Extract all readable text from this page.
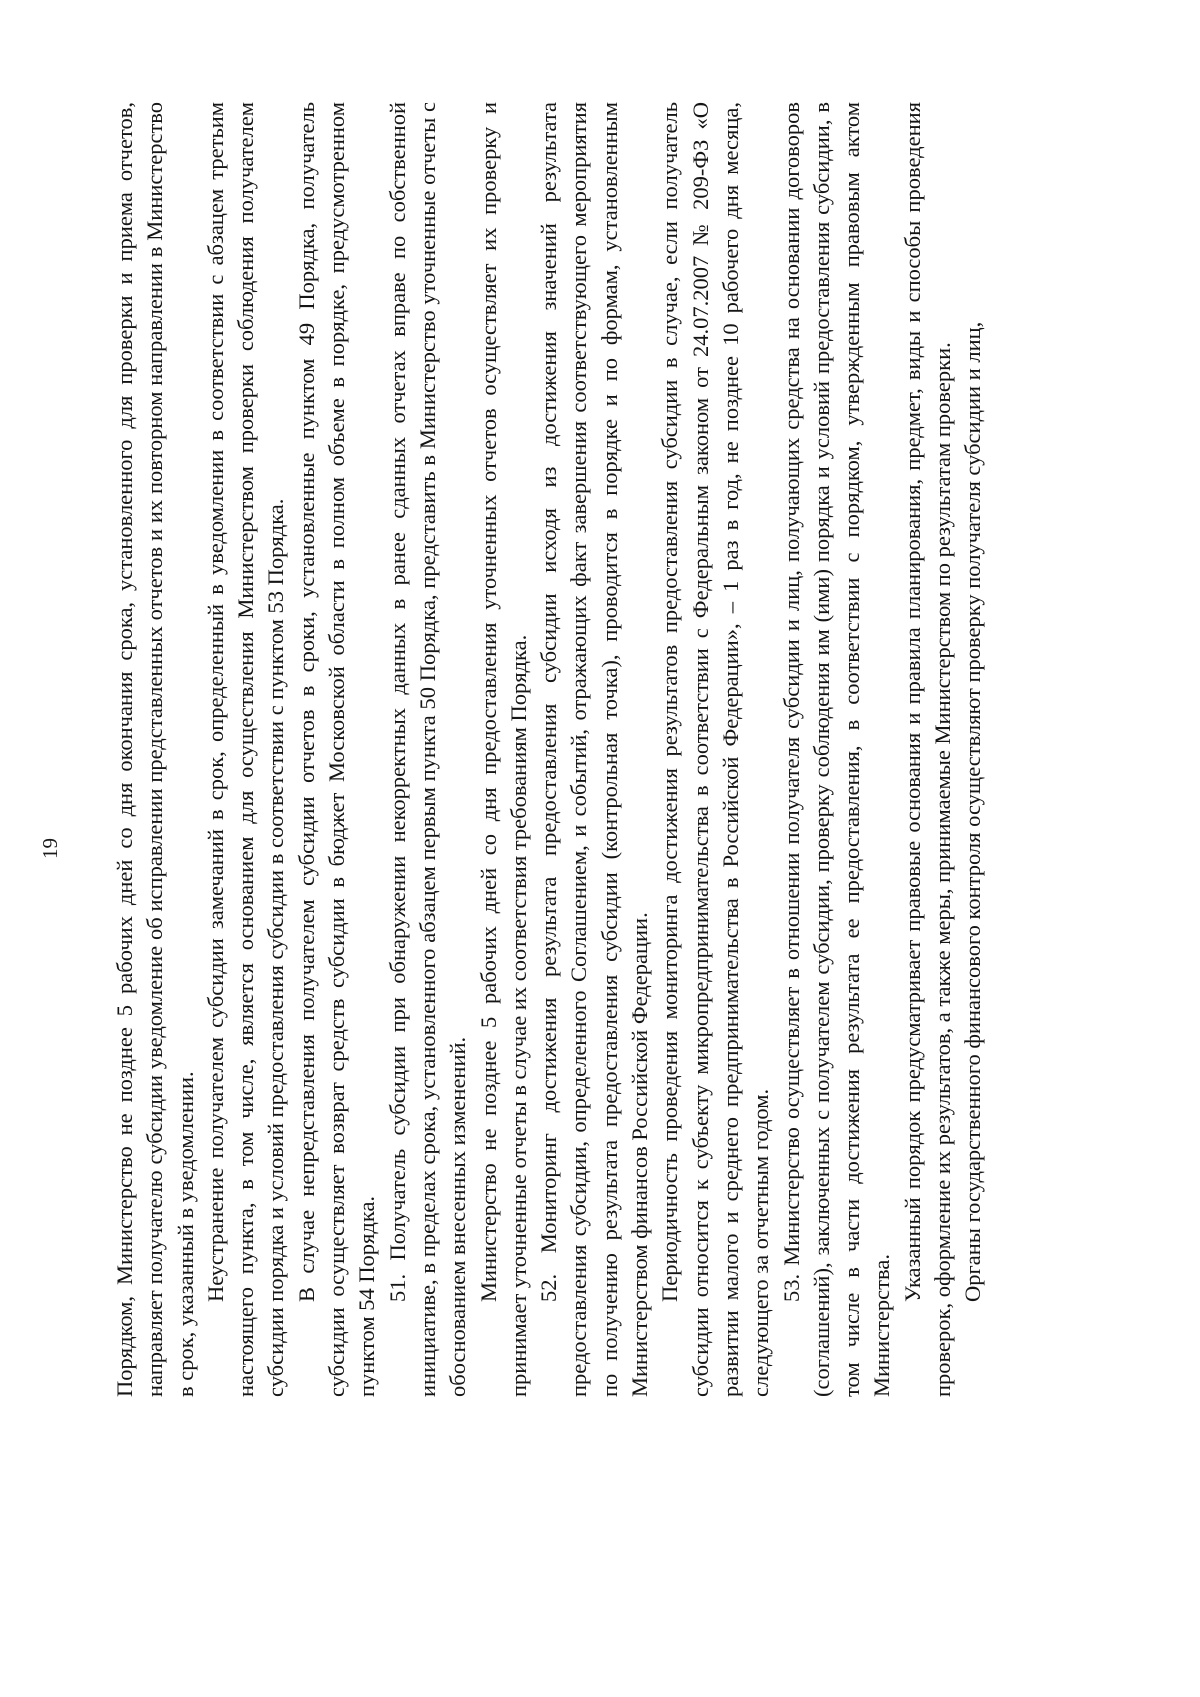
19 Порядком, Министерство не позднее 5 рабочих дней со дня окончания срока, установленного для проверки и приема отчетов, направляет получателю субсидии уведомление об исправлении представленных отчетов и их повторном направлении в Министерство в срок, указанный в уведомлении. Неустранение получателем субсидии замечаний в срок, определенный в уведомлении в соответствии с абзацем третьим настоящего пункта, в том числе, является основанием для осуществления Министерством проверки соблюдения получателем субсидии порядка и условий предоставления субсидии в соответствии с пунктом 53 Порядка. В случае непредставления получателем субсидии отчетов в сроки, установленные пунктом 49 Порядка, получатель субсидии осуществляет возврат средств субсидии в бюджет Московской области в полном объеме в порядке, предусмотренном пунктом 54 Порядка. 51. Получатель субсидии при обнаружении некорректных данных в ранее сданных отчетах вправе по собственной инициативе, в пределах срока, установленного абзацем первым пункта 50 Порядка, представить в Министерство уточненные отчеты с обоснованием внесенных изменений. Министерство не позднее 5 рабочих дней со дня предоставления уточненных отчетов осуществляет их проверку и принимает уточненные отчеты в случае их соответствия требованиям Порядка. 52. Мониторинг достижения результата предоставления субсидии исходя из достижения значений результата предоставления субсидии, определенного Соглашением, и событий, отражающих факт завершения соответствующего мероприятия по получению результата предоставления субсидии (контрольная точка), проводится в порядке и по формам, установленным Министерством финансов Российской Федерации. Периодичность проведения мониторинга достижения результатов предоставления субсидии в случае, если получатель субсидии относится к субъекту микропредпринимательства в соответствии с Федеральным законом от 24.07.2007 № 209-ФЗ «О развитии малого и среднего предпринимательства в Российской Федерации», – 1 раз в год, не позднее 10 рабочего дня месяца, следующего за отчетным годом. 53. Министерство осуществляет в отношении получателя субсидии и лиц, получающих средства на основании договоров (соглашений), заключенных с получателем субсидии, проверку соблюдения им (ими) порядка и условий предоставления субсидии, в том числе в части достижения результата ее предоставления, в соответствии с порядком, утвержденным правовым актом Министерства.

Указанный порядок предусматривает правовые основания и правила планирования, предмет, виды и способы проведения проверок, оформление их результатов, а также меры, принимаемые Министерством по результатам проверки. Органы государственного финансового контроля осуществляют проверку получателя субсидии и лиц,
